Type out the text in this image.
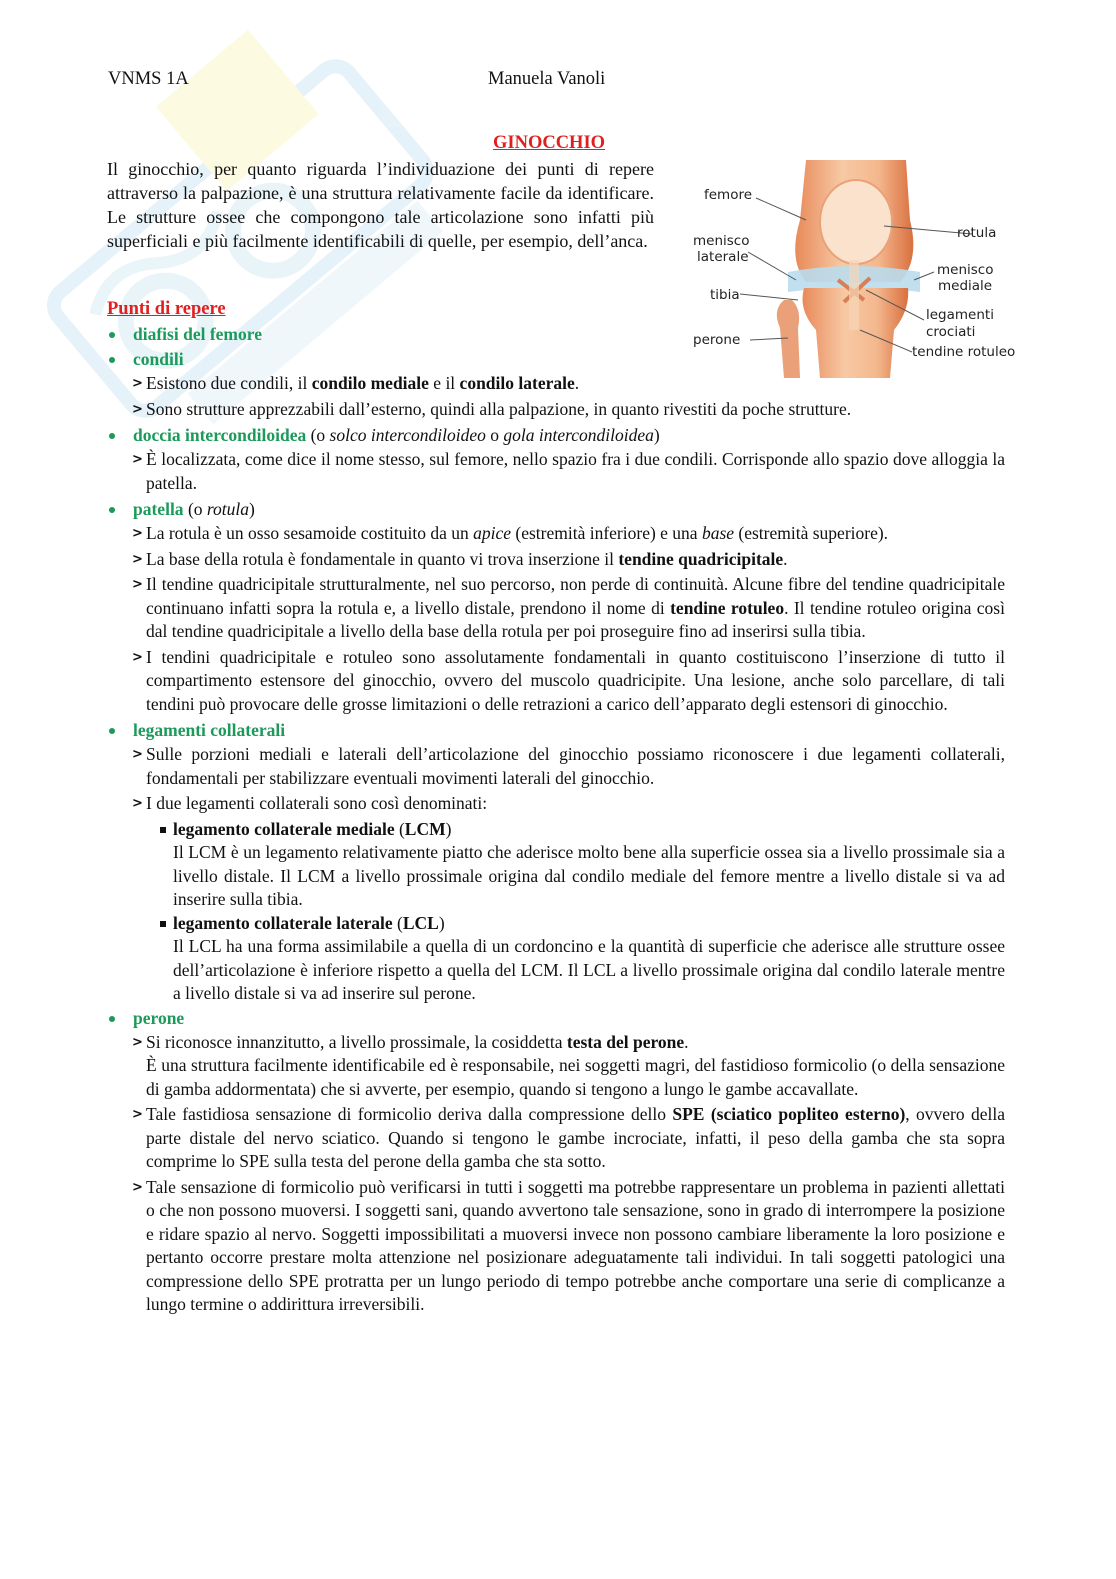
VNMS 1A	Manuela Vanoli
GINOCCHIO
Il ginocchio, per quanto riguarda l’individuazione dei punti di repere attraverso la palpazione, è una struttura relativamente facile da identificare. Le strutture ossee che compongono tale articolazione sono infatti più superficiali e più facilmente identificabili di quelle, per esempio, dell’anca.
femore
menisco
laterale
tibia
perone
rotula
menisco
mediale
legamenti
crociati
tendine rotuleo
Punti di repere
diafisi del femore
condili
> Esistono due condili, il condilo mediale e il condilo laterale.
> Sono strutture apprezzabili dall’esterno, quindi alla palpazione, in quanto rivestiti da poche strutture.
doccia intercondiloidea (o solco intercondiloideo o gola intercondiloidea)
> È localizzata, come dice il nome stesso, sul femore, nello spazio fra i due condili. Corrisponde allo spazio dove alloggia la patella.
patella (o rotula)
> La rotula è un osso sesamoide costituito da un apice (estremità inferiore) e una base (estremità superiore).
> La base della rotula è fondamentale in quanto vi trova inserzione il tendine quadricipitale.
> Il tendine quadricipitale strutturalmente, nel suo percorso, non perde di continuità. Alcune fibre del tendine quadricipitale continuano infatti sopra la rotula e, a livello distale, prendono il nome di tendine rotuleo. Il tendine rotuleo origina così dal tendine quadricipitale a livello della base della rotula per poi proseguire fino ad inserirsi sulla tibia.
> I tendini quadricipitale e rotuleo sono assolutamente fondamentali in quanto costituiscono l’inserzione di tutto il compartimento estensore del ginocchio, ovvero del muscolo quadricipite. Una lesione, anche solo parcellare, di tali tendini può provocare delle grosse limitazioni o delle retrazioni a carico dell’apparato degli estensori di ginocchio.
legamenti collaterali
> Sulle porzioni mediali e laterali dell’articolazione del ginocchio possiamo riconoscere i due legamenti collaterali, fondamentali per stabilizzare eventuali movimenti laterali del ginocchio.
> I due legamenti collaterali sono così denominati:
legamento collaterale mediale (LCM)
Il LCM è un legamento relativamente piatto che aderisce molto bene alla superficie ossea sia a livello prossimale sia a livello distale. Il LCM a livello prossimale origina dal condilo mediale del femore mentre a livello distale si va ad inserire sulla tibia.
legamento collaterale laterale (LCL)
Il LCL ha una forma assimilabile a quella di un cordoncino e la quantità di superficie che aderisce alle strutture ossee dell’articolazione è inferiore rispetto a quella del LCM. Il LCL a livello prossimale origina dal condilo laterale mentre a livello distale si va ad inserire sul perone.
perone
> Si riconosce innanzitutto, a livello prossimale, la cosiddetta testa del perone.
È una struttura facilmente identificabile ed è responsabile, nei soggetti magri, del fastidioso formicolio (o della sensazione di gamba addormentata) che si avverte, per esempio, quando si tengono a lungo le gambe accavallate.
> Tale fastidiosa sensazione di formicolio deriva dalla compressione dello SPE (sciatico popliteo esterno), ovvero della parte distale del nervo sciatico. Quando si tengono le gambe incrociate, infatti, il peso della gamba che sta sopra comprime lo SPE sulla testa del perone della gamba che sta sotto.
> Tale sensazione di formicolio può verificarsi in tutti i soggetti ma potrebbe rappresentare un problema in pazienti allettati o che non possono muoversi. I soggetti sani, quando avvertono tale sensazione, sono in grado di interrompere la posizione e ridare spazio al nervo. Soggetti impossibilitati a muoversi invece non possono cambiare liberamente la loro posizione e pertanto occorre prestare molta attenzione nel posizionare adeguatamente tali individui. In tali soggetti patologici una compressione dello SPE protratta per un lungo periodo di tempo potrebbe anche comportare una serie di complicanze a lungo termine o addirittura irreversibili.
